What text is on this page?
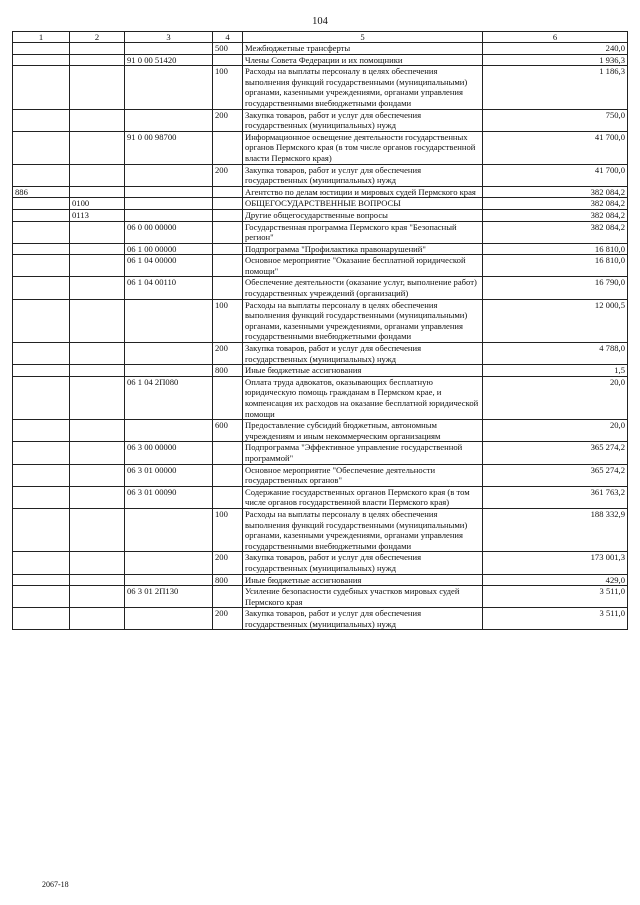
104
1	2	3	4	5	6
			500	Межбюджетные трансферты	240,0
		91 0 00 51420		Члены Совета Федерации и их помощники	1 936,3
			100	Расходы на выплаты персоналу в целях обеспечения выполнения функций государственными (муниципальными) органами, казенными учреждениями, органами управления государственными внебюджетными фондами	1 186,3
			200	Закупка товаров, работ и услуг для обеспечения государственных (муниципальных) нужд	750,0
		91 0 00 98700		Информационное освещение деятельности государственных органов Пермского края (в том числе органов государственной власти Пермского края)	41 700,0
			200	Закупка товаров, работ и услуг для обеспечения государственных (муниципальных) нужд	41 700,0
886				Агентство по делам юстиции и мировых судей Пермского края	382 084,2
	0100			ОБЩЕГОСУДАРСТВЕННЫЕ ВОПРОСЫ	382 084,2
	0113			Другие общегосударственные вопросы	382 084,2
		06 0 00 00000		Государственная программа Пермского края "Безопасный регион"	382 084,2
		06 1 00 00000		Подпрограмма "Профилактика правонарушений"	16 810,0
		06 1 04 00000		Основное мероприятие "Оказание бесплатной юридической помощи"	16 810,0
		06 1 04 00110		Обеспечение деятельности (оказание услуг, выполнение работ) государственных учреждений (организаций)	16 790,0
			100	Расходы на выплаты персоналу в целях обеспечения выполнения функций государственными (муниципальными) органами, казенными учреждениями, органами управления государственными внебюджетными фондами	12 000,5
			200	Закупка товаров, работ и услуг для обеспечения государственных (муниципальных) нужд	4 788,0
			800	Иные бюджетные ассигнования	1,5
		06 1 04 2П080		Оплата труда адвокатов, оказывающих бесплатную юридическую помощь гражданам в Пермском крае, и компенсация их расходов на оказание бесплатной юридической помощи	20,0
			600	Предоставление субсидий бюджетным, автономным учреждениям и иным некоммерческим организациям	20,0
		06 3 00 00000		Подпрограмма "Эффективное управление государственной программой"	365 274,2
		06 3 01 00000		Основное мероприятие "Обеспечение деятельности государственных органов"	365 274,2
		06 3 01 00090		Содержание государственных органов Пермского края (в том числе органов государственной власти Пермского края)	361 763,2
			100	Расходы на выплаты персоналу в целях обеспечения выполнения функций государственными (муниципальными) органами, казенными учреждениями, органами управления государственными внебюджетными фондами	188 332,9
			200	Закупка товаров, работ и услуг для обеспечения государственных (муниципальных) нужд	173 001,3
			800	Иные бюджетные ассигнования	429,0
		06 3 01 2П130		Усиление безопасности судебных участков мировых судей Пермского края	3 511,0
			200	Закупка товаров, работ и услуг для обеспечения государственных (муниципальных) нужд	3 511,0
2067-18
